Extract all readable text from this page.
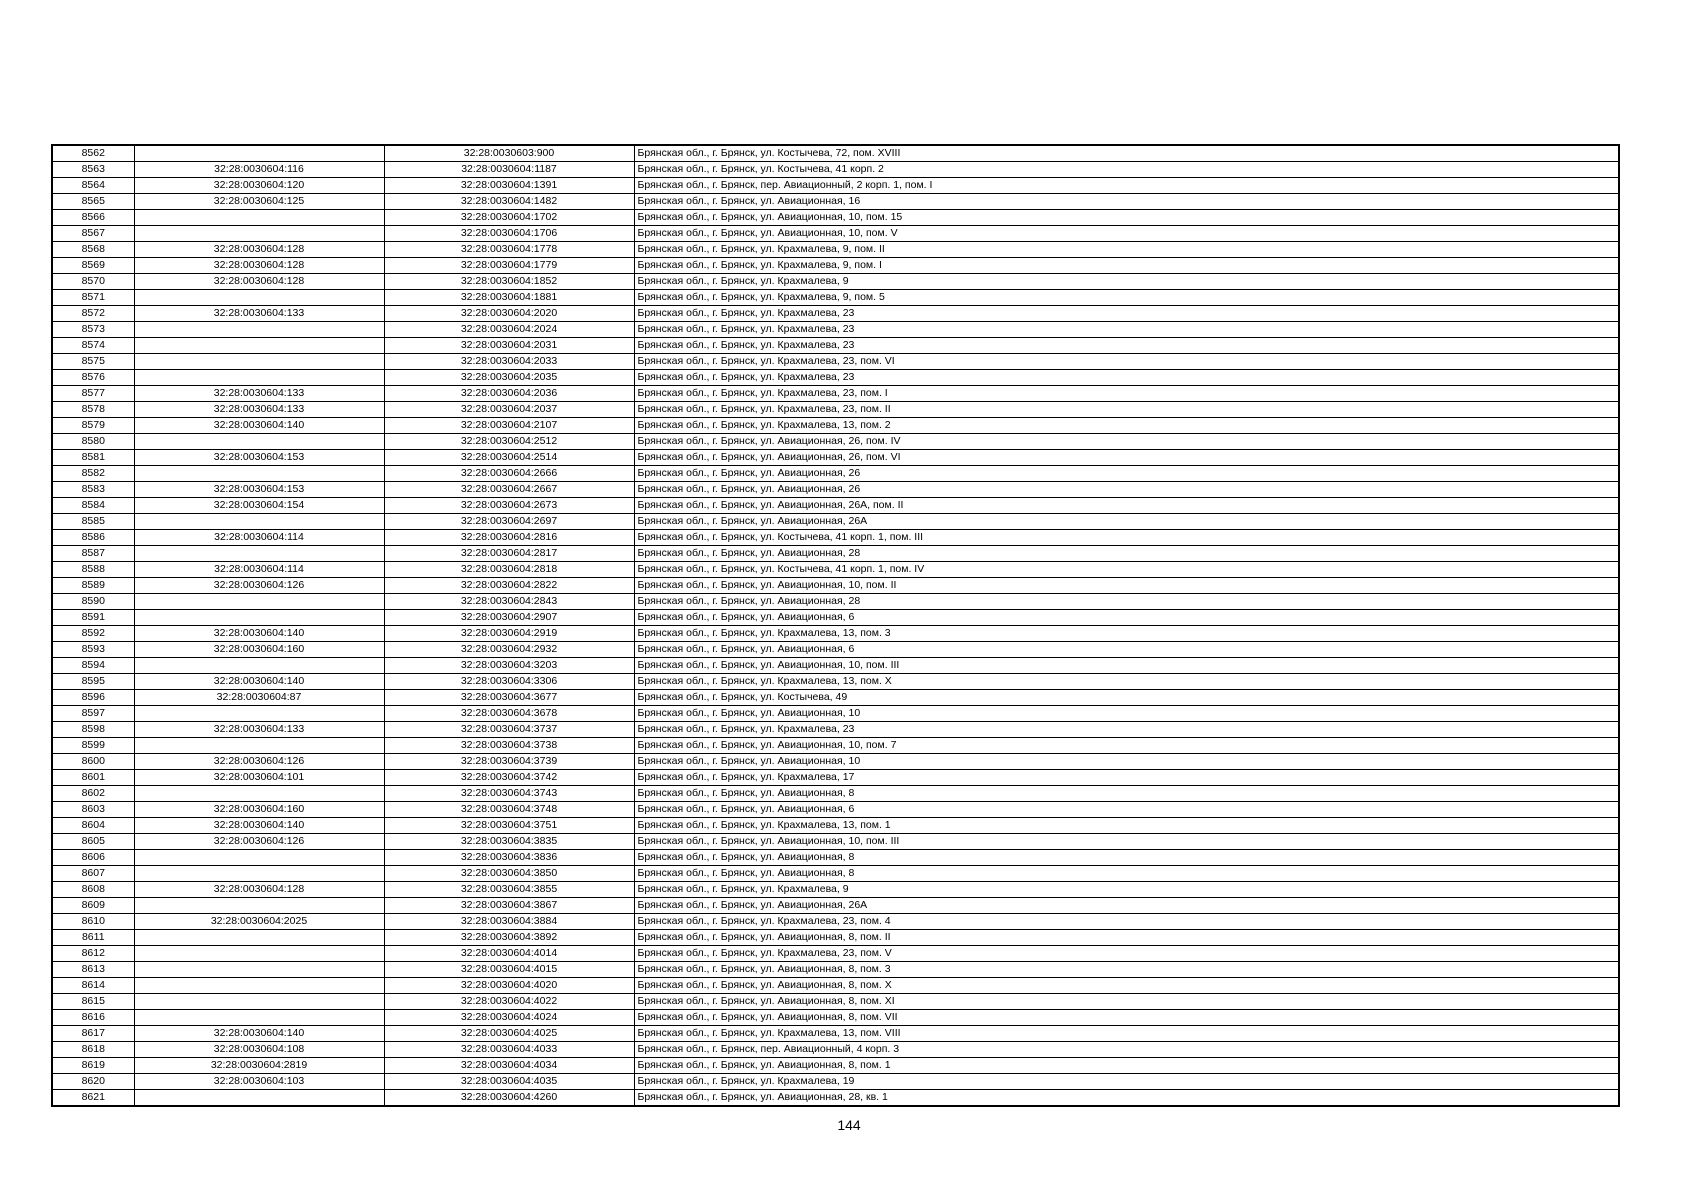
8562		32:28:0030603:900	Брянская обл., г. Брянск, ул. Костычева, 72, пом. XVIII
8563	32:28:0030604:116	32:28:0030604:1187	Брянская обл., г. Брянск, ул. Костычева, 41 корп. 2
8564	32:28:0030604:120	32:28:0030604:1391	Брянская обл., г. Брянск, пер. Авиационный, 2 корп. 1, пом. I
8565	32:28:0030604:125	32:28:0030604:1482	Брянская обл., г. Брянск, ул. Авиационная, 16
8566		32:28:0030604:1702	Брянская обл., г. Брянск, ул. Авиационная, 10, пом. 15
8567		32:28:0030604:1706	Брянская обл., г. Брянск, ул. Авиационная, 10, пом. V
8568	32:28:0030604:128	32:28:0030604:1778	Брянская обл., г. Брянск, ул. Крахмалева, 9, пом. II
8569	32:28:0030604:128	32:28:0030604:1779	Брянская обл., г. Брянск, ул. Крахмалева, 9, пом. I
8570	32:28:0030604:128	32:28:0030604:1852	Брянская обл., г. Брянск, ул. Крахмалева, 9
8571		32:28:0030604:1881	Брянская обл., г. Брянск, ул. Крахмалева, 9, пом. 5
8572	32:28:0030604:133	32:28:0030604:2020	Брянская обл., г. Брянск, ул. Крахмалева, 23
8573		32:28:0030604:2024	Брянская обл., г. Брянск, ул. Крахмалева, 23
8574		32:28:0030604:2031	Брянская обл., г. Брянск, ул. Крахмалева, 23
8575		32:28:0030604:2033	Брянская обл., г. Брянск, ул. Крахмалева, 23, пом. VI
8576		32:28:0030604:2035	Брянская обл., г. Брянск, ул. Крахмалева, 23
8577	32:28:0030604:133	32:28:0030604:2036	Брянская обл., г. Брянск, ул. Крахмалева, 23, пом. I
8578	32:28:0030604:133	32:28:0030604:2037	Брянская обл., г. Брянск, ул. Крахмалева, 23, пом. II
8579	32:28:0030604:140	32:28:0030604:2107	Брянская обл., г. Брянск, ул. Крахмалева, 13, пом. 2
8580		32:28:0030604:2512	Брянская обл., г. Брянск, ул. Авиационная, 26, пом. IV
8581	32:28:0030604:153	32:28:0030604:2514	Брянская обл., г. Брянск, ул. Авиационная, 26, пом. VI
8582		32:28:0030604:2666	Брянская обл., г. Брянск, ул. Авиационная, 26
8583	32:28:0030604:153	32:28:0030604:2667	Брянская обл., г. Брянск, ул. Авиационная, 26
8584	32:28:0030604:154	32:28:0030604:2673	Брянская обл., г. Брянск, ул. Авиационная, 26А, пом. II
8585		32:28:0030604:2697	Брянская обл., г. Брянск, ул. Авиационная, 26А
8586	32:28:0030604:114	32:28:0030604:2816	Брянская обл., г. Брянск, ул. Костычева, 41 корп. 1, пом. III
8587		32:28:0030604:2817	Брянская обл., г. Брянск, ул. Авиационная, 28
8588	32:28:0030604:114	32:28:0030604:2818	Брянская обл., г. Брянск, ул. Костычева, 41 корп. 1, пом. IV
8589	32:28:0030604:126	32:28:0030604:2822	Брянская обл., г. Брянск, ул. Авиационная, 10, пом. II
8590		32:28:0030604:2843	Брянская обл., г. Брянск, ул. Авиационная, 28
8591		32:28:0030604:2907	Брянская обл., г. Брянск, ул. Авиационная, 6
8592	32:28:0030604:140	32:28:0030604:2919	Брянская обл., г. Брянск, ул. Крахмалева, 13, пом. 3
8593	32:28:0030604:160	32:28:0030604:2932	Брянская обл., г. Брянск, ул. Авиационная, 6
8594		32:28:0030604:3203	Брянская обл., г. Брянск, ул. Авиационная, 10, пом. III
8595	32:28:0030604:140	32:28:0030604:3306	Брянская обл., г. Брянск, ул. Крахмалева, 13, пом. X
8596	32:28:0030604:87	32:28:0030604:3677	Брянская обл., г. Брянск, ул. Костычева, 49
8597		32:28:0030604:3678	Брянская обл., г. Брянск, ул. Авиационная, 10
8598	32:28:0030604:133	32:28:0030604:3737	Брянская обл., г. Брянск, ул. Крахмалева, 23
8599		32:28:0030604:3738	Брянская обл., г. Брянск, ул. Авиационная, 10, пом. 7
8600	32:28:0030604:126	32:28:0030604:3739	Брянская обл., г. Брянск, ул. Авиационная, 10
8601	32:28:0030604:101	32:28:0030604:3742	Брянская обл., г. Брянск, ул. Крахмалева, 17
8602		32:28:0030604:3743	Брянская обл., г. Брянск, ул. Авиационная, 8
8603	32:28:0030604:160	32:28:0030604:3748	Брянская обл., г. Брянск, ул. Авиационная, 6
8604	32:28:0030604:140	32:28:0030604:3751	Брянская обл., г. Брянск, ул. Крахмалева, 13, пом. 1
8605	32:28:0030604:126	32:28:0030604:3835	Брянская обл., г. Брянск, ул. Авиационная, 10, пом. III
8606		32:28:0030604:3836	Брянская обл., г. Брянск, ул. Авиационная, 8
8607		32:28:0030604:3850	Брянская обл., г. Брянск, ул. Авиационная, 8
8608	32:28:0030604:128	32:28:0030604:3855	Брянская обл., г. Брянск, ул. Крахмалева, 9
8609		32:28:0030604:3867	Брянская обл., г. Брянск, ул. Авиационная, 26А
8610	32:28:0030604:2025	32:28:0030604:3884	Брянская обл., г. Брянск, ул. Крахмалева, 23, пом. 4
8611		32:28:0030604:3892	Брянская обл., г. Брянск, ул. Авиационная, 8, пом. II
8612		32:28:0030604:4014	Брянская обл., г. Брянск, ул. Крахмалева, 23, пом. V
8613		32:28:0030604:4015	Брянская обл., г. Брянск, ул. Авиационная, 8, пом. 3
8614		32:28:0030604:4020	Брянская обл., г. Брянск, ул. Авиационная, 8, пом. X
8615		32:28:0030604:4022	Брянская обл., г. Брянск, ул. Авиационная, 8, пом. XI
8616		32:28:0030604:4024	Брянская обл., г. Брянск, ул. Авиационная, 8, пом. VII
8617	32:28:0030604:140	32:28:0030604:4025	Брянская обл., г. Брянск, ул. Крахмалева, 13, пом. VIII
8618	32:28:0030604:108	32:28:0030604:4033	Брянская обл., г. Брянск, пер. Авиационный, 4 корп. 3
8619	32:28:0030604:2819	32:28:0030604:4034	Брянская обл., г. Брянск, ул. Авиационная, 8, пом. 1
8620	32:28:0030604:103	32:28:0030604:4035	Брянская обл., г. Брянск, ул. Крахмалева, 19
8621		32:28:0030604:4260	Брянская обл., г. Брянск, ул. Авиационная, 28, кв. 1
144
